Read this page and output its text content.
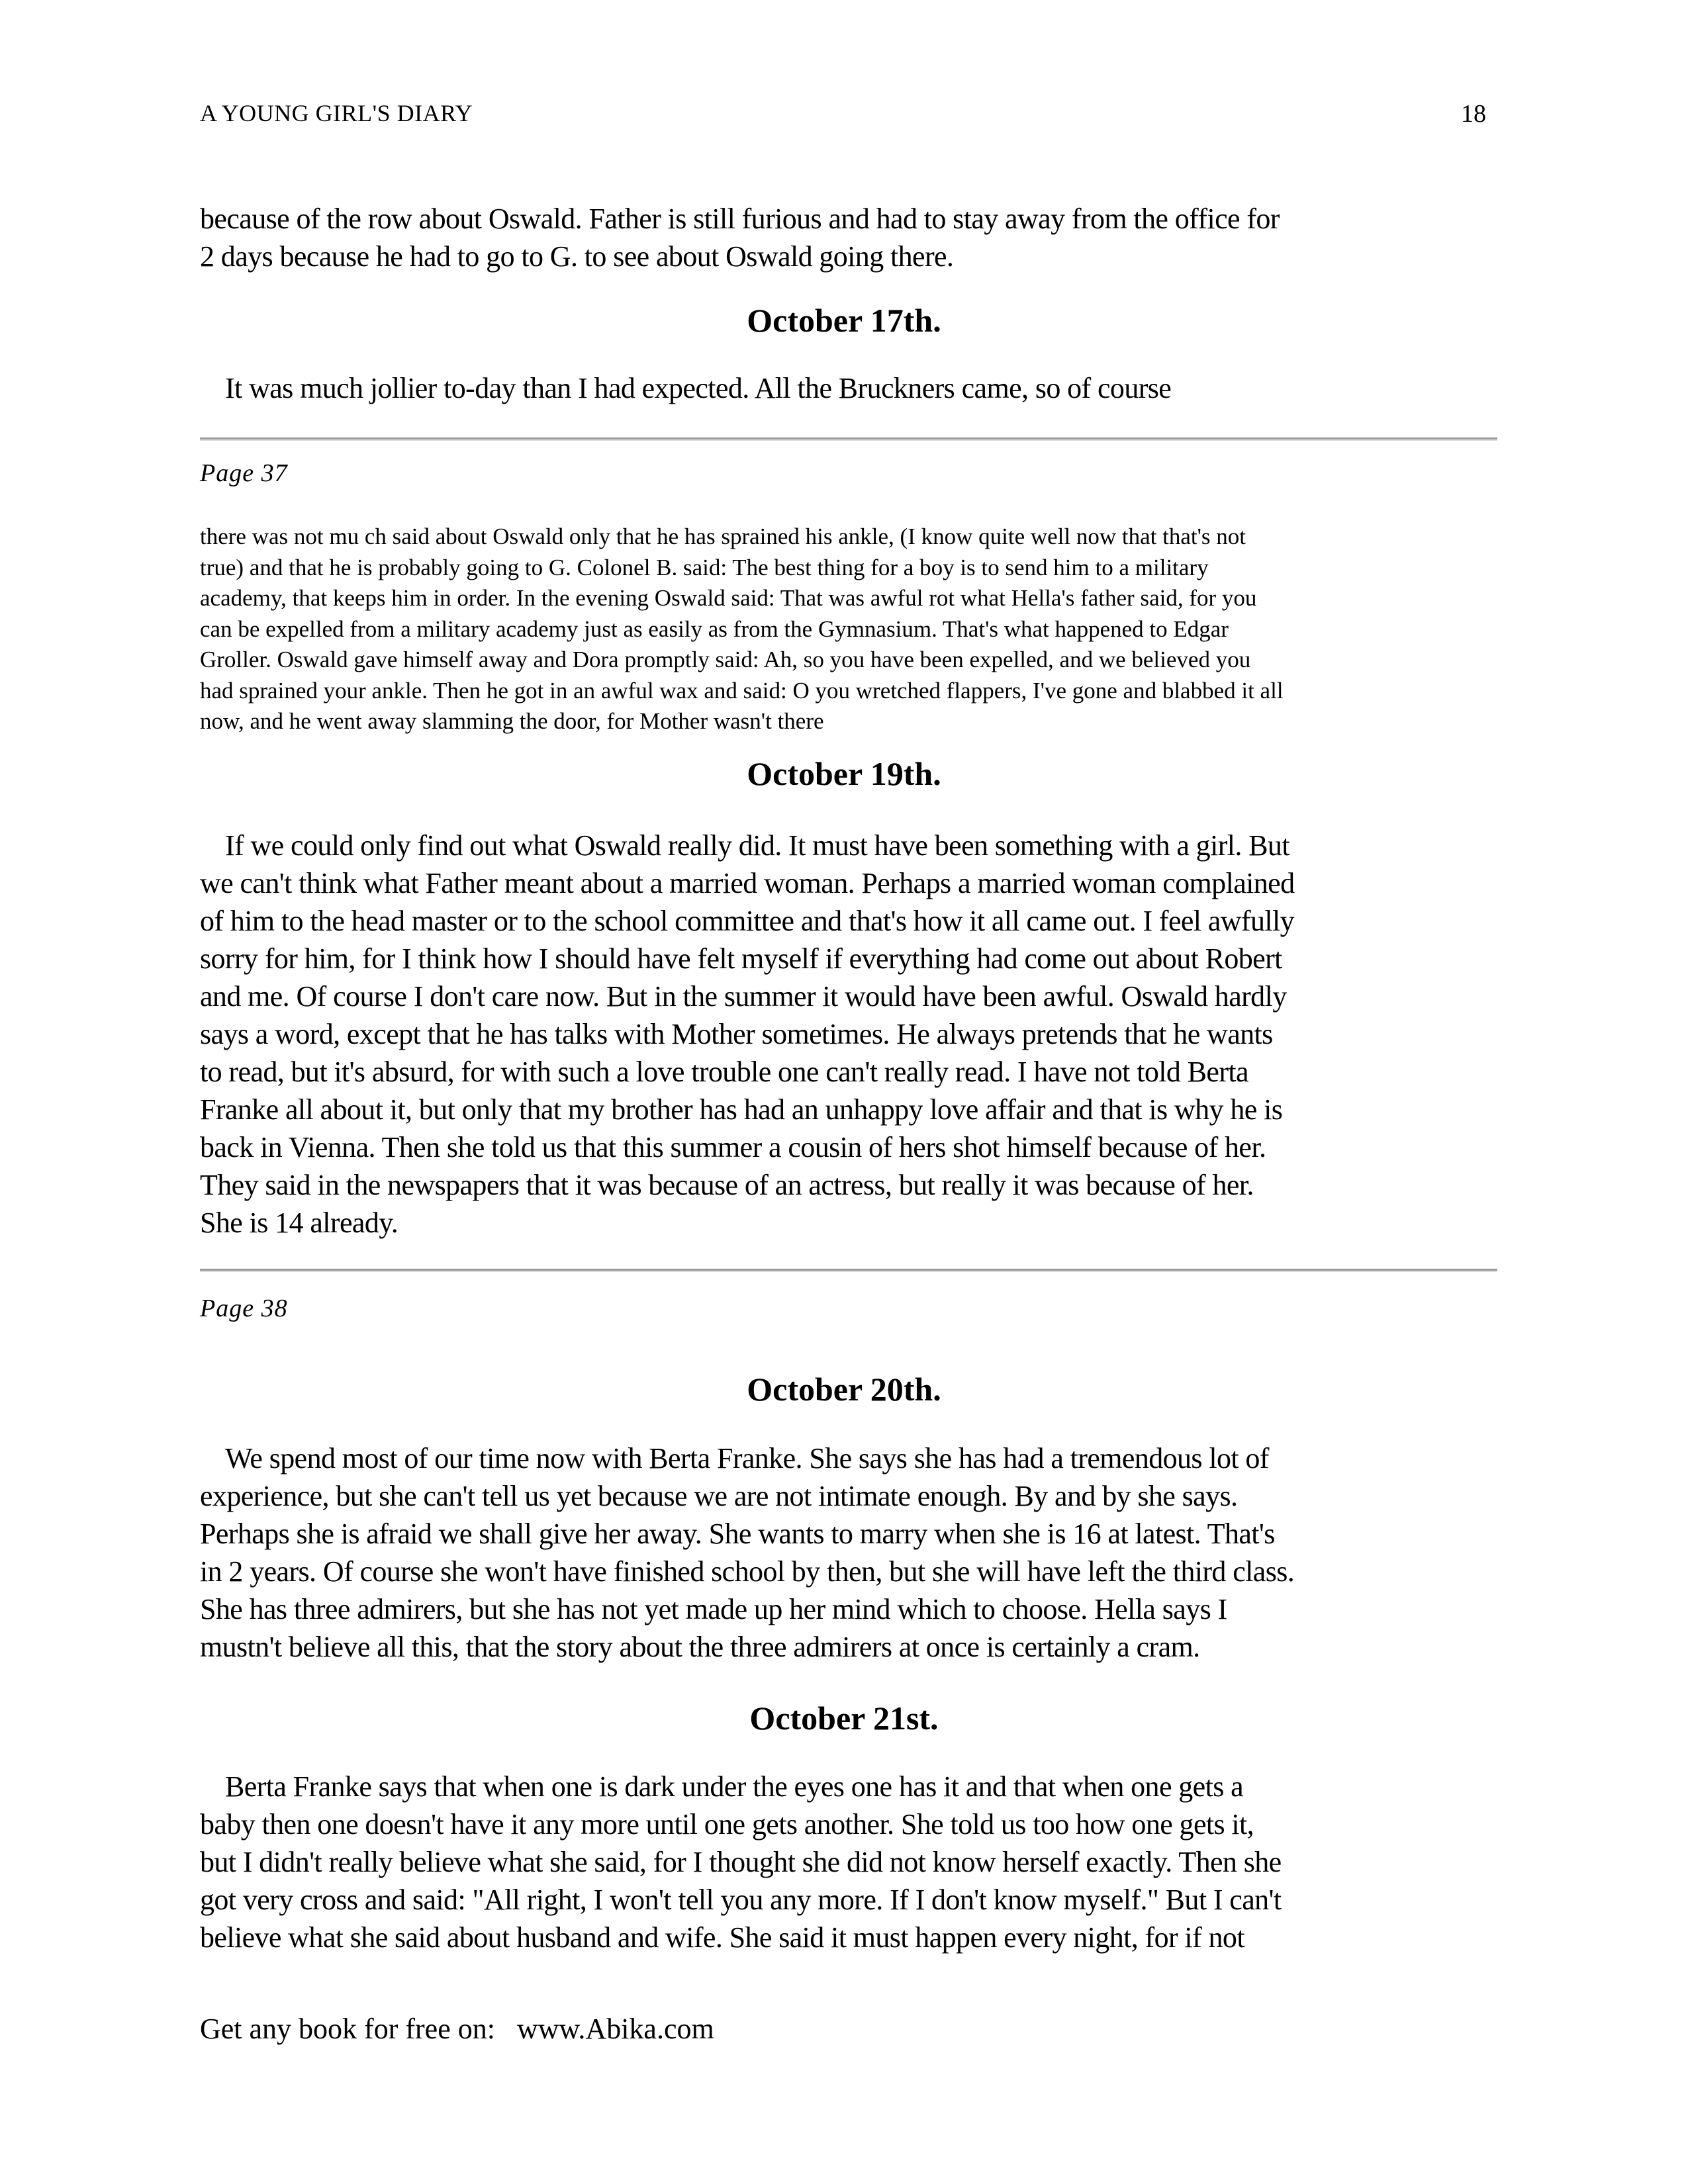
A YOUNG GIRL'S DIARY	18

because of the row about Oswald. Father is still furious and had to stay away from the office for
2 days because he had to go to G. to see about Oswald going there.

October 17th.

It was much jollier to-day than I had expected. All the Bruckners came, so of course

Page 37

there was not mu ch said about Oswald only that he has sprained his ankle, (I know quite well now that that's not
true) and that he is probably going to G. Colonel B. said: The best thing for a boy is to send him to a military
academy, that keeps him in order. In the evening Oswald said: That was awful rot what Hella's father said, for you
can be expelled from a military academy just as easily as from the Gymnasium. That's what happened to Edgar
Groller. Oswald gave himself away and Dora promptly said: Ah, so you have been expelled, and we believed you
had sprained your ankle. Then he got in an awful wax and said: O you wretched flappers, I've gone and blabbed it all
now, and he went away slamming the door, for Mother wasn't there

October 19th.

If we could only find out what Oswald really did. It must have been something with a girl. But
we can't think what Father meant about a married woman. Perhaps a married woman complained
of him to the head master or to the school committee and that's how it all came out. I feel awfully
sorry for him, for I think how I should have felt myself if everything had come out about Robert
and me. Of course I don't care now. But in the summer it would have been awful. Oswald hardly
says a word, except that he has talks with Mother sometimes. He always pretends that he wants
to read, but it's absurd, for with such a love trouble one can't really read. I have not told Berta
Franke all about it, but only that my brother has had an unhappy love affair and that is why he is
back in Vienna. Then she told us that this summer a cousin of hers shot himself because of her.
They said in the newspapers that it was because of an actress, but really it was because of her.
She is 14 already.

Page 38
October 20th.

We spend most of our time now with Berta Franke. She says she has had a tremendous lot of
experience, but she can't tell us yet because we are not intimate enough. By and by she says.
Perhaps she is afraid we shall give her away. She wants to marry when she is 16 at latest. That's
in 2 years. Of course she won't have finished school by then, but she will have left the third class.
She has three admirers, but she has not yet made up her mind which to choose. Hella says I
mustn't believe all this, that the story about the three admirers at once is certainly a cram.

October 21st.

Berta Franke says that when one is dark under the eyes one has it and that when one gets a
baby then one doesn't have it any more until one gets another. She told us too how one gets it,
but I didn't really believe what she said, for I thought she did not know herself exactly. Then she
got very cross and said: "All right, I won't tell you any more. If I don't know myself." But I can't
believe what she said about husband and wife. She said it must happen every night, for if not

Get any book for free on:   www.Abika.com
